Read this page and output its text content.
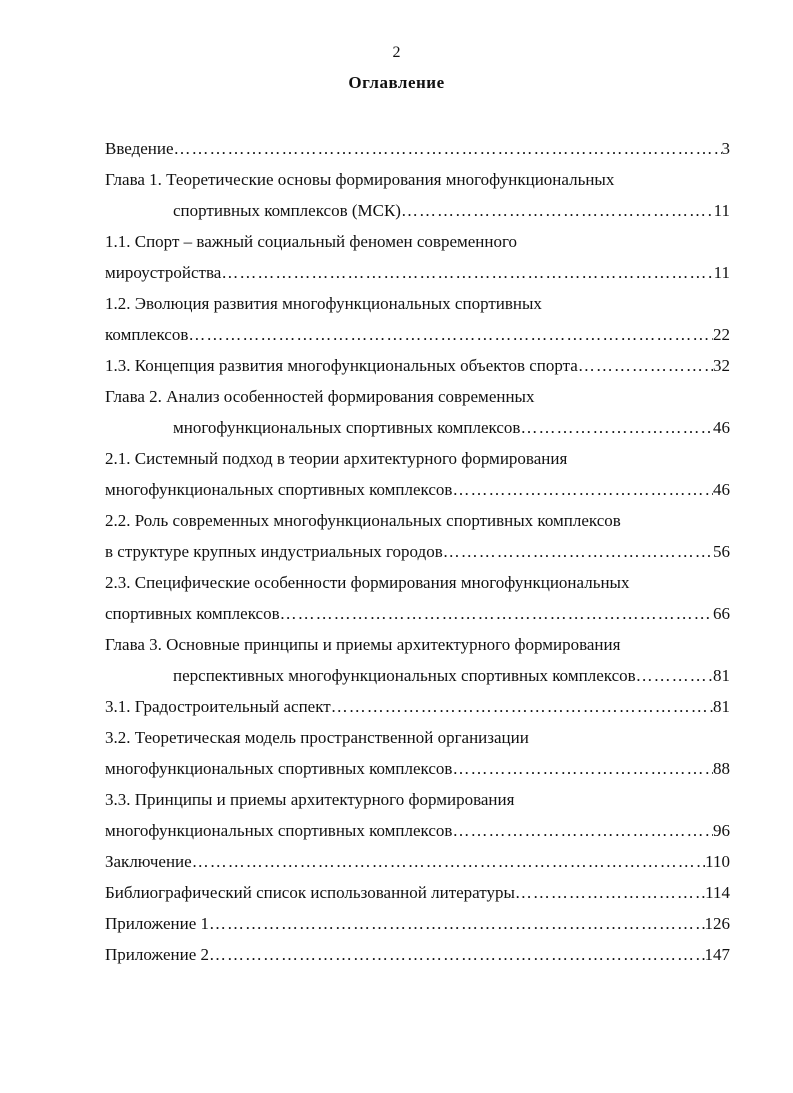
2
Оглавление
Введение …………………………………………………………………………………………………………………………………………………………………………	3
Глава 1. Теоретические основы формирования многофункциональных
спортивных комплексов (МСК) …………………………………………………………………………………………………………………………………………………………………………	11
1.1. Спорт – важный социальный феномен современного
мироустройства …………………………………………………………………………………………………………………………………………………………………………	11
1.2. Эволюция развития многофункциональных спортивных
комплексов …………………………………………………………………………………………………………………………………………………………………………	22
1.3. Концепция развития многофункциональных объектов спорта …………………………………………………………………………………………………………………………………………………………………………	32
Глава 2. Анализ особенностей формирования современных
многофункциональных спортивных комплексов …………………………………………………………………………………………………………………………………………………………………………	46
2.1. Системный подход в теории архитектурного формирования
многофункциональных спортивных комплексов …………………………………………………………………………………………………………………………………………………………………………	46
2.2. Роль современных многофункциональных спортивных комплексов
в структуре крупных индустриальных городов …………………………………………………………………………………………………………………………………………………………………………	56
2.3. Специфические особенности формирования многофункциональных
спортивных комплексов …………………………………………………………………………………………………………………………………………………………………………	66
Глава 3. Основные принципы и приемы архитектурного формирования
перспективных многофункциональных спортивных комплексов …………………………………………………………………………………………………………………………………………………………………………	81
3.1. Градостроительный аспект …………………………………………………………………………………………………………………………………………………………………………	81
3.2. Теоретическая модель пространственной организации
многофункциональных спортивных комплексов …………………………………………………………………………………………………………………………………………………………………………	88
3.3. Принципы и приемы архитектурного формирования
многофункциональных спортивных комплексов …………………………………………………………………………………………………………………………………………………………………………	96
Заключение …………………………………………………………………………………………………………………………………………………………………………	110
Библиографический список использованной литературы …………………………………………………………………………………………………………………………………………………………………………	114
Приложение 1 …………………………………………………………………………………………………………………………………………………………………………	126
Приложение 2 …………………………………………………………………………………………………………………………………………………………………………	147
